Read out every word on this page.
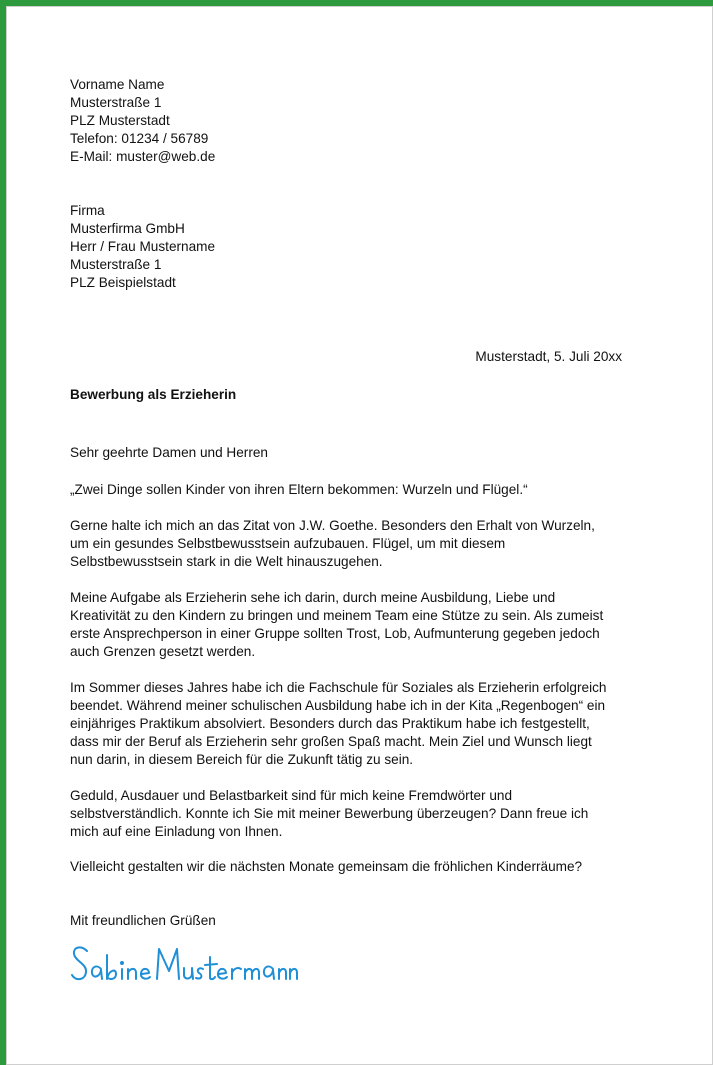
Vorname Name
Musterstraße 1
PLZ Musterstadt
Telefon: 01234 / 56789
E-Mail: muster@web.de
Firma
Musterfirma GmbH
Herr / Frau Mustername
Musterstraße 1
PLZ Beispielstadt
Musterstadt, 5. Juli 20xx
Bewerbung als Erzieherin
Sehr geehrte Damen und Herren
„Zwei Dinge sollen Kinder von ihren Eltern bekommen: Wurzeln und Flügel.“
Gerne halte ich mich an das Zitat von J.W. Goethe. Besonders den Erhalt von Wurzeln,
um ein gesundes Selbstbewusstsein aufzubauen. Flügel, um mit diesem
Selbstbewusstsein stark in die Welt hinauszugehen.
Meine Aufgabe als Erzieherin sehe ich darin, durch meine Ausbildung, Liebe und
Kreativität zu den Kindern zu bringen und meinem Team eine Stütze zu sein. Als zumeist
erste Ansprechperson in einer Gruppe sollten Trost, Lob, Aufmunterung gegeben jedoch
auch Grenzen gesetzt werden.
Im Sommer dieses Jahres habe ich die Fachschule für Soziales als Erzieherin erfolgreich
beendet. Während meiner schulischen Ausbildung habe ich in der Kita „Regenbogen“ ein
einjähriges Praktikum absolviert. Besonders durch das Praktikum habe ich festgestellt,
dass mir der Beruf als Erzieherin sehr großen Spaß macht. Mein Ziel und Wunsch liegt
nun darin, in diesem Bereich für die Zukunft tätig zu sein.
Geduld, Ausdauer und Belastbarkeit sind für mich keine Fremdwörter und
selbstverständlich. Konnte ich Sie mit meiner Bewerbung überzeugen? Dann freue ich
mich auf eine Einladung von Ihnen.
Vielleicht gestalten wir die nächsten Monate gemeinsam die fröhlichen Kinderräume?
Mit freundlichen Grüßen
